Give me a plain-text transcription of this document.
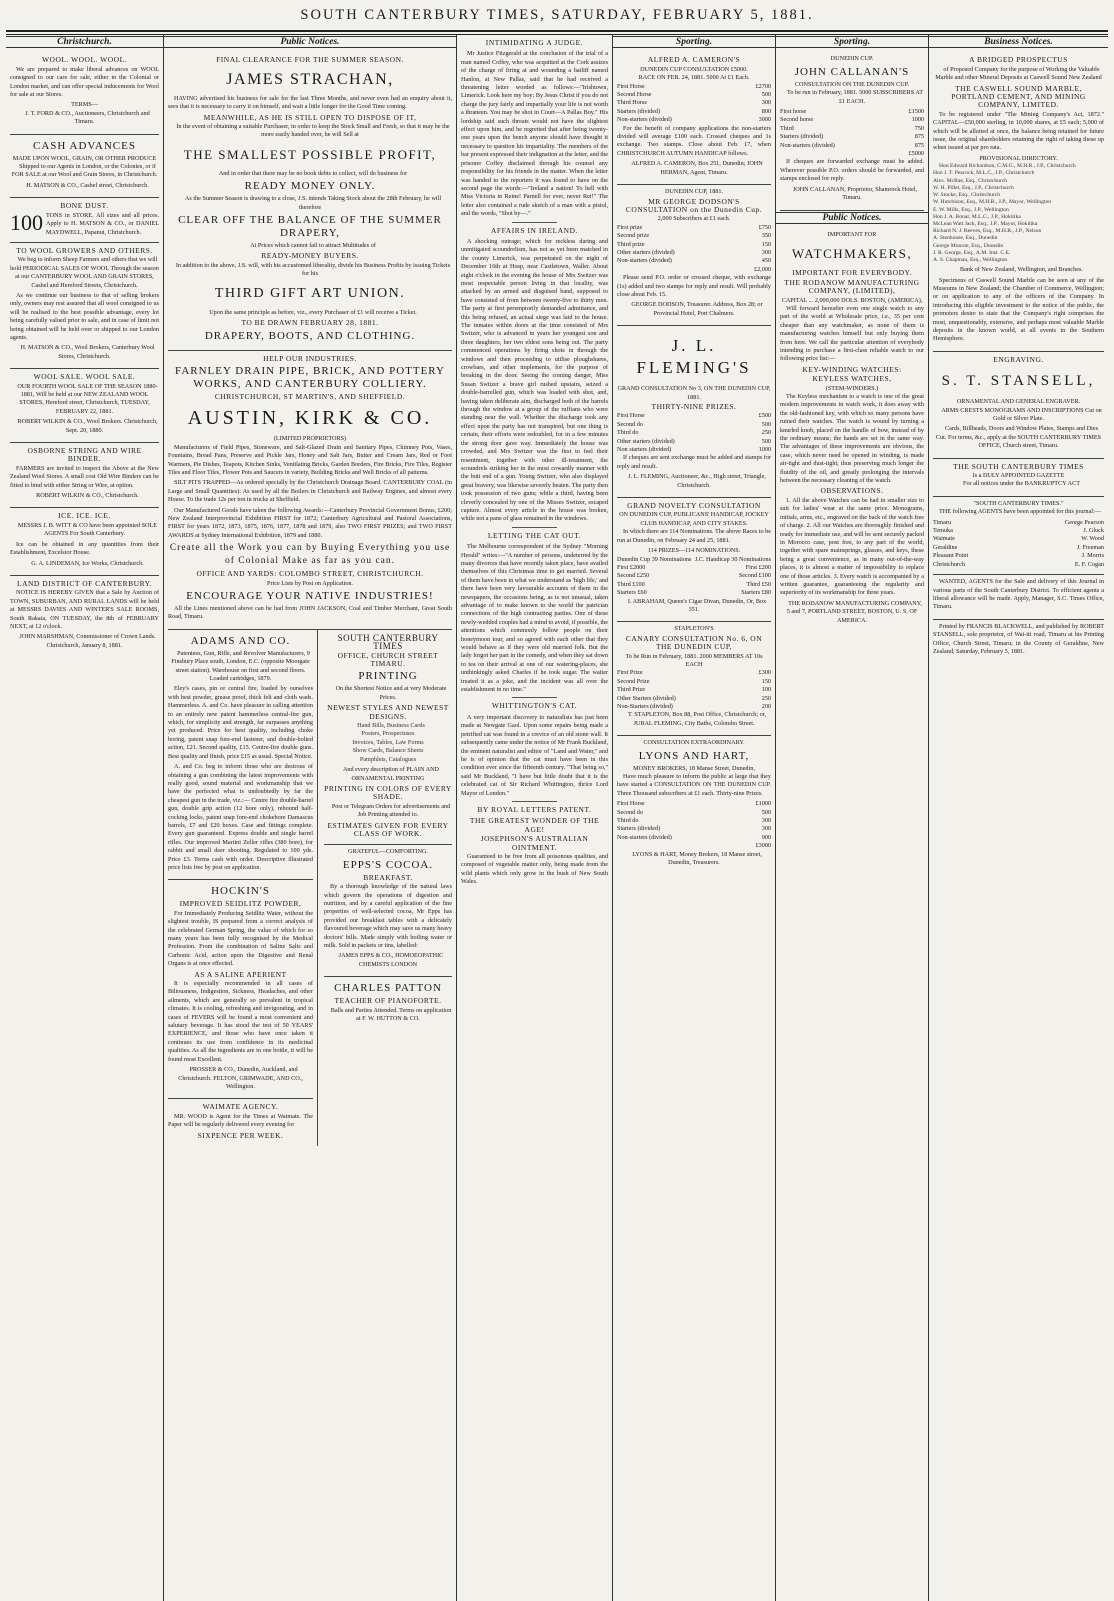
SOUTH CANTERBURY TIMES, SATURDAY, FEBRUARY 5, 1881.
Christchurch.
WOOL. WOOL. WOOL.

We are prepared to make liberal advances on WOOL consigned to our care for sale, either in the Colonial or London market, and can offer special inducements for Wool for sale at our Stores.

TERMS—

J. T. FORD & CO., Auctioneers, Christchurch and Timaru.

CASH ADVANCES
MADE UPON WOOL, GRAIN, OR OTHER PRODUCE

Shipped to our Agents in London, or the Colonies, or if FOR SALE at our Wool and Grain Stores, in Christchurch.

H. MATSON & CO., Cashel street, Christchurch.

BONE DUST.
100 TONS in STORE. All sizes and all prices. Apply to H. MATSON & CO., or DANIEL MAYDWELL, Papanui, Christchurch.
TO WOOL GROWERS AND OTHERS.

We beg to inform Sheep Farmers and others that we will hold PERIODICAL SALES OF WOOL Through the season at our CANTERBURY WOOL AND GRAIN STORES, Cashel and Hereford Streets, Christchurch.

As we continue our business to that of selling brokers only, owners may rest assured that all wool consigned to us will be realised to the best possible advantage, every lot being carefully valued prior to sale, and in case of limit not being obtained will be held over or shipped to our London agents.

H. MATSON & CO., Wool Brokers, Canterbury Wool Stores, Christchurch.

WOOL SALE. WOOL SALE.

OUR FOURTH WOOL SALE OF THE SEASON 1880-1881, Will be held at our NEW ZEALAND WOOL STORES, Hereford street, Christchurch, TUESDAY, FEBRUARY 22, 1881.

ROBERT WILKIN & CO., Wool Brokers. Christchurch, Sept. 20, 1880.

OSBORNE STRING AND WIRE BINDER.

FARMERS are invited to inspect the Above at the New Zealand Wool Stores. A small cost Old Wire Binders can be fitted to bind with either String or Wire, at option.

ROBERT WILKIN & CO., Christchurch.

ICE. ICE. ICE.

MESSRS J. B. WITT & CO have been appointed SOLE AGENTS For South Canterbury.

Ice can be obtained in any quantities from their Establishment, Excelsior House.

G. A. LINDEMAN, Ice Works, Christchurch.

LAND DISTRICT OF CANTERBURY.

NOTICE IS HEREBY GIVEN that a Sale by Auction of TOWN, SUBURBAN, AND RURAL LANDS will be held at MESSRS DAVIES AND WINTER'S SALE ROOMS, South Rakaia, ON TUESDAY, the 8th of FEBRUARY NEXT, at 12 o'clock.

JOHN MARSHMAN, Commissioner of Crown Lands. Christchurch, January 8, 1881.

Public Notices.
FINAL CLEARANCE FOR THE SUMMER SEASON.
JAMES STRACHAN,

HAVING advertised his business for sale for the last Three Months, and never even had an enquiry about it, sees that it is necessary to carry it on himself, and wait a little longer for the Good Time coming.

MEANWHILE, AS HE IS STILL OPEN TO DISPOSE OF IT,

In the event of obtaining a suitable Purchaser, in order to keep the Stock Small and Fresh, so that it may be the more easily handed over, he will Sell at

THE SMALLEST POSSIBLE PROFIT,

And in order that there may be no book debts to collect, will do business for

READY MONEY ONLY.

As the Summer Season is drawing to a close, J.S. intends Taking Stock about the 28th February, he will therefore

CLEAR OFF THE BALANCE OF THE SUMMER DRAPERY,

At Prices which cannot fail to attract Multitudes of

READY-MONEY BUYERS.

In addition to the above, J.S. will, with his accustomed liberality, divide his Business Profits by issuing Tickets for his

THIRD GIFT ART UNION.

Upon the same principle as before, viz., every Purchaser of £1 will receive a Ticket.

TO BE DRAWN FEBRUARY 28, 1881.
DRAPERY, BOOTS, AND CLOTHING.
HELP OUR INDUSTRIES.
FARNLEY DRAIN PIPE, BRICK, AND POTTERY WORKS, AND CANTERBURY COLLIERY.
CHRISTCHURCH, ST MARTIN'S, AND SHEFFIELD.
AUSTIN, KIRK & CO.
(LIMITED PROPRIETORS)

Manufacturers of Field Pipes, Stoneware, and Salt-Glazed Drain and Sanitary Pipes, Chimney Pots, Vases, Fountains, Bread Pans, Preserve and Pickle Jars, Honey and Salt Jars, Butter and Cream Jars, Red or Foot Warmers, Pie Dishes, Teapots, Kitchen Sinks, Ventilating Bricks, Garden Borders, Fire Bricks, Fire Tiles, Register Tiles and Floor Tiles, Flower Pots and Saucers in variety, Building Bricks and Well Bricks of all patterns.

SILT PITS TRAPPED—As ordered specially by the Christchurch Drainage Board. CANTERBURY COAL (in Large and Small Quantities): As used by all the Boilers in Christchurch and Railway Engines, and almost every House. To the trade 12s per ton in trucks at Sheffield.

Our Manufactured Goods have taken the following Awards:—Canterbury Provincial Government Bonus, £200; New Zealand Interprovincial Exhibition FIRST for 1872; Canterbury Agricultural and Pastoral Associations, FIRST for years 1872, 1873, 1875, 1876, 1877, 1878 and 1879, also TWO FIRST PRIZES; and TWO FIRST AWARDS at Sydney International Exhibition, 1879 and 1880.

Create all the Work you can by Buying Everything you use of Colonial Make as far as you can.
OFFICE AND YARDS: COLOMBO STREET, CHRISTCHURCH.
Price Lists by Post on Application.
ENCOURAGE YOUR NATIVE INDUSTRIES!

All the Lines mentioned above can be had from JOHN JACKSON, Coal and Timber Merchant, Great South Road, Timaru.

ADAMS AND CO.

Patentees, Gun, Rifle, and Revolver Manufacturers, 9 Finsbury Place south, London, E.C. (opposite Moorgate street station). Warehouse on first and second floors. Loaded cartridges, 1879.

Eley's cases, pin or central fire, loaded by ourselves with best powder, grease proof, thick felt and cloth wads. Hammerless. A. and Co. have pleasure in calling attention to an entirely new patent hammerless central-fire gun, which, for simplicity and strength, far surpasses anything yet produced. Price for best quality, including choke boring, patent snap fore-end fastener, and double-bolted action, £21. Second quality, £15. Centre-fire double guns. Best quality and finish, price £15 as usual. Special Notice.

A. and Co. beg to inform those who are desirous of obtaining a gun combining the latest improvements with really good, sound material and workmanship that we have the perfected what is undoubtedly by far the cheapest gun in the trade, viz.:— Centre fire double-barrel gun, double grip action (12 bore only), rebound half-cocking locks, patent snap fore-end chokebore Damascus barrels, £7 and £20 boxes. Case and fittings complete. Every gun guaranteed. Express double and single barrel rifles. Our improved Martini Zeller rifles (380 bore), for rabbit and small deer shooting. Regulated to 100 yds. Price £3. Terms cash with order. Descriptive illustrated price lists free by post on application.

HOCKIN'S
IMPROVED SEIDLITZ POWDER,

For Immediately Producing Seidlitz Water, without the slightest trouble, IS prepared from a correct analysis of the celebrated German Spring, the value of which for so many years has been fully recognised by the Medical Profession. From the combination of Saline Salts and Carbonic Acid, action upon the Digestive and Renal Organs is at once effected.

AS A SALINE APERIENT

It is especially recommended in all cases of Biliousness, Indigestion, Sickness, Headaches, and other ailments, which are generally so prevalent in tropical climates. It is cooling, refreshing and invigorating, and in cases of FEVERS will be found a most convenient and salutary beverage. It has stood the test of 50 YEARS' EXPERIENCE, and those who have once taken it continues its use from confidence in its medicinal qualities. As all the ingredients are in one bottle, it will be found most Excellent.

PROSSER & CO., Dunedin, Auckland, and Christchurch. FELTON, GRIMWADE, AND CO., Wellington.

WAIMATE AGENCY.

MR. WOOD is Agent for the Times at Waimate. The Paper will be regularly delivered every evening for

SIXPENCE PER WEEK.
SOUTH CANTERBURY TIMES
OFFICE, CHURCH STREET TIMARU.
PRINTING

On the Shortest Notice and at very Moderate Prices.

NEWEST STYLES AND NEWEST DESIGNS.

Hand Bills, Business Cards
Posters, Prospectuses
Invoices, Tables, Law Forms
Show Cards, Balance Sheets
Pamphlets, Catalogues

And every description of PLAIN AND ORNAMENTAL PRINTING

PRINTING IN COLORS OF EVERY SHADE.

Post or Telegram Orders for advertisements and Job Printing attended to.

ESTIMATES GIVEN FOR EVERY CLASS OF WORK.
GRATEFUL—COMFORTING.
EPPS'S COCOA.
BREAKFAST.

By a thorough knowledge of the natural laws which govern the operations of digestion and nutrition, and by a careful application of the fine properties of well-selected cocoa, Mr Epps has provided our breakfast tables with a delicately flavoured beverage which may save us many heavy doctors' bills. Made simply with boiling water or milk. Sold in packets or tins, labelled:

JAMES EPPS & CO., HOMOEOPATHIC CHEMISTS LONDON

CHARLES PATTON
TEACHER OF PIANOFORTE.

Balls and Parties Attended. Terms on application at F. W. HUTTON & CO.

INTIMIDATING A JUDGE.

Mr Justice Fitzgerald at the conclusion of the trial of a man named Coffey, who was acquitted at the Cork assizes of the charge of firing at and wounding a bailiff named Hanlon, at New Pallas, said that he had received a threatening letter worded as follows:—"Irishtown, Limerick. Look here my boy; By Jesus Christ if you do not charge the jury fairly and impartially your life is not worth a thraneen. You may be shot in Court—A Pallas Boy." His lordship said such threats would not have the slightest effect upon him, and he regretted that after being twenty-one years upon the bench anyone should have thought it necessary to question his impartiality. The members of the bar present expressed their indignation at the letter, and the prisoner Coffey disclaimed through his counsel any responsibility for his friends in the matter. When the letter was handed to the reporters it was found to have on the second page the words:—"Ireland a nation! To hell with Miss Victoria in Reine! Parnell for ever, never Rei!" The letter also contained a rude sketch of a man with a pistol, and the words, "Shot by—."

AFFAIRS IN IRELAND.

A shocking outrage; which for reckless daring and unmitigated scoundrelism, has not as yet been matched in the county Limerick, was perpetrated on the night of December 16th at Hosp, near Castletown, Waller. About eight o'clock in the evening the house of Mrs Switzer was most respectable person living in that locality, was attacked by an armed and disguised band, supposed to have consisted of from between twenty-five to thirty men. The party at first peremptorily demanded admittance, and this being refused, an actual siege was laid to the house. The inmates within doors at the time consisted of Mrs Switzer, who is advanced in years her youngest son and three daughters, her two eldest sons being out. The party commenced operations by firing shots in through the windows and then proceeding to utilise ploughshares, crowbars, and other implements, for the purpose of breaking in the door. Seeing the coming danger, Miss Susan Switzer a brave girl rushed upstairs, seized a double-barrelled gun, which was loaded with shot, and, having taken deliberate aim, discharged both of the barrels through the window at a group of the ruffians who were standing near the wall. Whether the discharge took any effect upon the party has not transpired, but one thing is certain, their efforts were redoubled, for in a few minutes the strong door gave way. Immediately the house was crowded, and Mrs Switzer was the first to feel their resentment, together with other ill-treatment, the scoundrels striking her in the most cowardly manner with the butt end of a gun. Young Switzer, who also displayed great bravery, was likewise severely beaten. The party then took possession of two guns; while a third, having been cleverly concealed by one of the Misses Switzer, escaped capture. Almost every article in the house was broken, while not a pane of glass remained in the windows.

LETTING THE CAT OUT.

The Melbourne correspondent of the Sydney "Morning Herald" writes:—"A number of persons, undeterred by the many divorces that have recently taken place, have availed themselves of this Christmas time to get married. Several of them have been in what we understand as 'high life,' and there have been very favourable accounts of them in the newspapers, the occasions being, as is not unusual, taken advantage of to make known to the world the patrician connections of the high contracting parties. One of these newly-wedded couples had a mind to avoid, if possible, the attentions which commonly follow people on their honeymoon tour, and so agreed with each other that they would behave as if they were old married folk. But the lady forgot her part in the comedy, and when they sat down to tea on their arrival at one of our watering-places, she unthinkingly asked Charles if he took sugar. The waiter treated it as a joke, and the incident was all over the establishment in no time."

WHITTINGTON'S CAT.

A very important discovery to naturalists has just been made at Newgate Gaol. Upon some repairs being made a petrified cat was found in a crevice of an old stone wall. It subsequently came under the notice of Mr Frank Buckland, the eminent naturalist and editor of "Land and Water," and he is of opinion that the cat must have been in this condition ever since the fifteenth century. "That being so," said Mr Buckland, "I have but little doubt that it is the celebrated cat of Sir Richard Whittington, thrice Lord Mayor of London."

BY ROYAL LETTERS PATENT.
THE GREATEST WONDER OF THE AGE!
JOSEPHSON'S AUSTRALIAN OINTMENT.

Guaranteed to be free from all poisonous qualities, and composed of vegetable matter only, being made from the wild plants which only grow in the bush of New South Wales.

Sporting.
ALFRED A. CAMERON'S
DUNEDIN CUP CONSULTATION £5000.
RACE ON FEB. 24, 1881. 5000 At £1 Each.
First Horse	£2700
Second Horse	500
Third Horse	300
Starters (divided)	800
Non-starters (divided)	3000

For the benefit of company applications the non-starters divided will average £100 each. Crossed cheques and 1s exchange. Two stamps. Close about Feb. 17, when CHRISTCHURCH AUTUMN HANDICAP follows.

ALFRED A. CAMERON, Box 251, Dunedin; JOHN HERMAN, Agent, Timaru.

DUNEDIN CUP, 1881.
MR GEORGE DODSON'S CONSULTATION on the Dunedin Cup.
2,000 Subscribers at £1 each.
First prize	£750
Second prize	350
Third prize	150
Other starters (divided)	300
Non-starters (divided)	450
£2,000

Please send P.O. order or crossed cheque, with exchange (1s) added and two stamps for reply and result. Will probably close about Feb. 15.

GEORGE DODSON, Treasurer. Address, Box 28; or Provincial Hotel, Port Chalmers.

J. L. FLEMING'S
GRAND CONSULTATION No 3, ON THE DUNEDIN CUP, 1881.
THIRTY-NINE PRIZES.
First Horse	£500
Second do	500
Third do	250
Other starters (divided)	500
Non starters (divided)	1000

If cheques are sent exchange must be added and stamps for reply and result.

J. L. FLEMING, Auctioneer, &c., High street, Triangle, Christchurch.

GRAND NOVELTY CONSULTATION
ON DUNEDIN CUP, PUBLICANS' HANDICAP, JOCKEY CLUB HANDICAP, AND CITY STAKES.

In which there are 114 Nominations. The above Races to be run at Dunedin, on February 24 and 25, 1881.

114 PRIZES—114 NOMINATIONS.
Dunedin Cup 39 Nominations J.C. Handicap 30 Nominations
First £2000	First £200
Second £250	Second £100
Third £100	Third £50
Starters £60	Starters £80

I. ABRAHAM, Queen's Cigar Divan, Dunedin, Or, Box 351.

STAPLETON'S
CANARY CONSULTATION No. 6, ON THE DUNEDIN CUP,
To be Run in February, 1881. 2000 MEMBERS AT 10s EACH
First Prize	£300
Second Prize	150
Third Prize	100
Other Starters (divided)	250
Non-Starters (divided)	200

T. STAPLETON, Box 88, Post Office, Christchurch; or, JUBAL FLEMING, City Baths, Colombo Street.

CONSULTATION EXTRAORDINARY.
LYONS AND HART,
MONEY BROKERS, 18 Manse Street, Dunedin,

Have much pleasure to inform the public at large that they have started a CONSULTATION ON THE DUNEDIN CUP. Three Thousand subscribers at £1 each. Thirty-nine Prizes.

First Horse	£1000
Second do	500
Third do	300
Starters (divided)	300
Non-starters (divided)	900
£3000

LYONS & HART, Money Brokers, 18 Manse street, Dunedin, Treasurers.

Sporting.
DUNEDIN CUP.
JOHN CALLANAN'S
CONSULTATION ON THE DUNEDIN CUP.

To be run in February, 1881. 5000 SUBSCRIBERS AT £1 EACH.

First horse	£1500
Second horse	1000
Third	750
Starters (divided)	875
Non-starters (divided)	875
£5000

If cheques are forwarded exchange must be added. Wherever possible P.O. orders should be forwarded, and stamps enclosed for reply.

JOHN CALLANAN, Proprietor, Shamrock Hotel, Timaru.

Public Notices.
IMPORTANT FOR
WATCHMAKERS,
IMPORTANT FOR EVERYBODY.
THE RODANOW MANUFACTURING COMPANY, (LIMITED),
CAPITAL ... 2,000,000 DOLS. BOSTON, (AMERICA),

Will forward hereafter even one single watch to any part of the world at Wholesale price, i.e., 35 per cent cheaper than any watchmaker, as none of them is manufacturing watches himself but only buying them from here. We call the particular attention of everybody intending to purchase a first-class reliable watch to our following price list:—

KEY-WINDING WATCHES:
KEYLESS WATCHES,
(STEM-WINDERS.)

The Keyless mechanism to a watch is one of the great modern improvements in watch work, it does away with the old-fashioned key, with which so many persons have ruined their watches. The watch is wound by turning a knurled knob, placed on the handle of bow, instead of by the ordinary means; the hands are set in the same way. The advantages of these improvements are obvious, the case, which never need be opened in winding, is made air-tight and dust-tight, thus preserving much longer the fluidity of the oil, and greatly prolonging the intervals between the necessary cleaning of the watch.

OBSERVATIONS.

1. All the above Watches can be had in smaller size to suit for ladies' wear at the same price. Monograms, initials, arms, etc., engraved on the back of the watch free of charge. 2. All our Watches are thoroughly finished and ready for immediate use, and will be sent securely packed in Morocco case, post free, to any part of the world, together with spare mainsprings, glasses, and keys, these being a great convenience, as in many out-of-the-way places, it is almost a matter of impossibility to replace one of those articles. 3. Every watch is accompanied by a written guarantee, guaranteeing the regularity and superiority of its workmanship for three years.

THE RODANOW MANUFACTURING COMPANY, 5 and 7, PORTLAND STREET, BOSTON, U. S. OF AMERICA.

Business Notices.
A BRIDGED PROSPECTUS

of Proposed Company for the purpose of Working the Valuable Marble and other Mineral Deposits at Caswell Sound New Zealand

THE CASWELL SOUND MARBLE, PORTLAND CEMENT, AND MINING COMPANY, LIMITED.

To be registered under "The Mining Company's Act, 1872." CAPITAL—£50,000 sterling, in 10,000 shares, at £5 each; 5,000 of which will be allotted at once, the balance being retained for future issue, the original shareholders retaining the right of taking these up when issued at par pro rata.

PROVISIONAL DIRECTORY.

Hon Edward Richardson, C.M.G., M.H.R., J.P., Christchurch
Hon J. T. Peacock, M.L.C., J.P., Christchurch
Alex. McRae, Esq., Christchurch
W. H. Pillet, Esq., J.P., Christchurch
W. Stocke, Esq., Christchurch
W. Hutchison, Esq., M.H.R., J.P., Mayor, Wellington
E. W. Mills, Esq., J.P., Wellington
Hon J. A. Bonar, M.L.C., J.P., Hokitika
McLean Watt Jack, Esq., J.P., Mayor, Hokitika
Richard N. J. Reeves, Esq., M.H.R., J.P., Nelson
A. Stenhouse, Esq., Dunedin
George Munroe, Esq., Dunedin
J. R. George, Esq., A.M. Inst. C.E.
A. S. Chapman, Esq., Wellington

Bank of New Zealand, Wellington, and Branches.

Specimens of Caswell Sound Marble can be seen at any of the Museums in New Zealand; the Chamber of Commerce, Wellington; or on application to any of the officers of the Company. In introducing this eligible investment to the notice of the public, the promoters desire to state that the Company's right comprises the most, unquestionably, extensive, and perhaps most valuable Marble deposits in the known world, at all events in the Southern Hemisphere.

ENGRAVING.
S. T. STANSELL,
ORNAMENTAL AND GENERAL ENGRAVER.

ARMS CRESTS MONOGRAMS AND INSCRIPTIONS Cut on Gold or Silver Plate.

Cards, Billheads, Doors and Window Plates, Stamps and Dies Cut. For terms, &c., apply at the SOUTH CANTERBURY TIMES OFFICE, Church street, Timaru.

THE SOUTH CANTERBURY TIMES
Is a DULY APPOINTED GAZETTE

For all notices under the BANKRUPTCY ACT

"SOUTH CANTERBURY TIMES."

THE following AGENTS have been appointed for this journal:—

Timaru	George Pearson
Temuka	J. Gluck
Waimate	W. Wood
Geraldine	J. Freeman
Pleasant Point	J. Morris
Christchurch	E. F. Cogan

WANTED, AGENTS for the Sale and delivery of this Journal in various parts of the South Canterbury District. To efficient agents a liberal allowance will be made. Apply, Manager, S.C. Times Office, Timaru.

Printed by FRANCIS BLACKWELL, and published by ROBERT STANSELL, sole proprietor, of Wai-iti road, Timaru at his Printing Office, Church Street, Timaru; in the County of Geraldine, New Zealand, Saturday, February 5, 1881.
